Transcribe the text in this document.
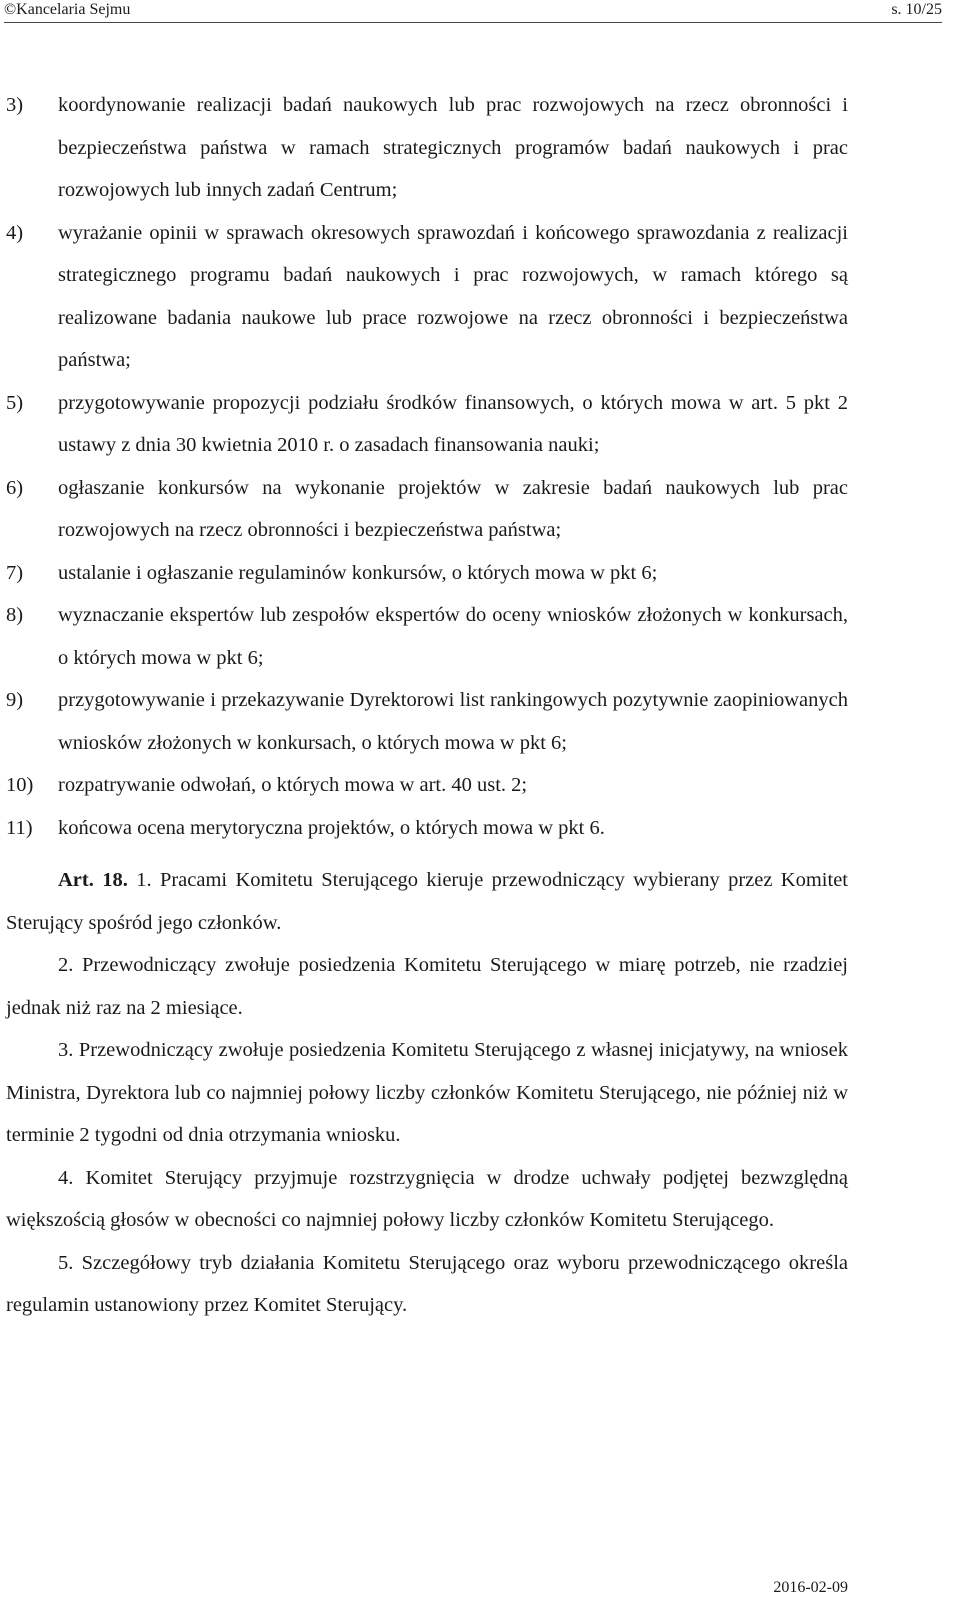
©Kancelaria Sejmu	s. 10/25
3) koordynowanie realizacji badań naukowych lub prac rozwojowych na rzecz obronności i bezpieczeństwa państwa w ramach strategicznych programów badań naukowych i prac rozwojowych lub innych zadań Centrum;
4) wyrażanie opinii w sprawach okresowych sprawozdań i końcowego sprawozdania z realizacji strategicznego programu badań naukowych i prac rozwojowych, w ramach którego są realizowane badania naukowe lub prace rozwojowe na rzecz obronności i bezpieczeństwa państwa;
5) przygotowywanie propozycji podziału środków finansowych, o których mowa w art. 5 pkt 2 ustawy z dnia 30 kwietnia 2010 r. o zasadach finansowania nauki;
6) ogłaszanie konkursów na wykonanie projektów w zakresie badań naukowych lub prac rozwojowych na rzecz obronności i bezpieczeństwa państwa;
7) ustalanie i ogłaszanie regulaminów konkursów, o których mowa w pkt 6;
8) wyznaczanie ekspertów lub zespołów ekspertów do oceny wniosków złożonych w konkursach, o których mowa w pkt 6;
9) przygotowywanie i przekazywanie Dyrektorowi list rankingowych pozytywnie zaopiniowanych wniosków złożonych w konkursach, o których mowa w pkt 6;
10) rozpatrywanie odwołań, o których mowa w art. 40 ust. 2;
11) końcowa ocena merytoryczna projektów, o których mowa w pkt 6.

Art. 18. 1. Pracami Komitetu Sterującego kieruje przewodniczący wybierany przez Komitet Sterujący spośród jego członków.

2. Przewodniczący zwołuje posiedzenia Komitetu Sterującego w miarę potrzeb, nie rzadziej jednak niż raz na 2 miesiące.

3. Przewodniczący zwołuje posiedzenia Komitetu Sterującego z własnej inicjatywy, na wniosek Ministra, Dyrektora lub co najmniej połowy liczby członków Komitetu Sterującego, nie później niż w terminie 2 tygodni od dnia otrzymania wniosku.

4. Komitet Sterujący przyjmuje rozstrzygnięcia w drodze uchwały podjętej bezwzględną większością głosów w obecności co najmniej połowy liczby członków Komitetu Sterującego.

5. Szczegółowy tryb działania Komitetu Sterującego oraz wyboru przewodniczącego określa regulamin ustanowiony przez Komitet Sterujący.

2016-02-09
